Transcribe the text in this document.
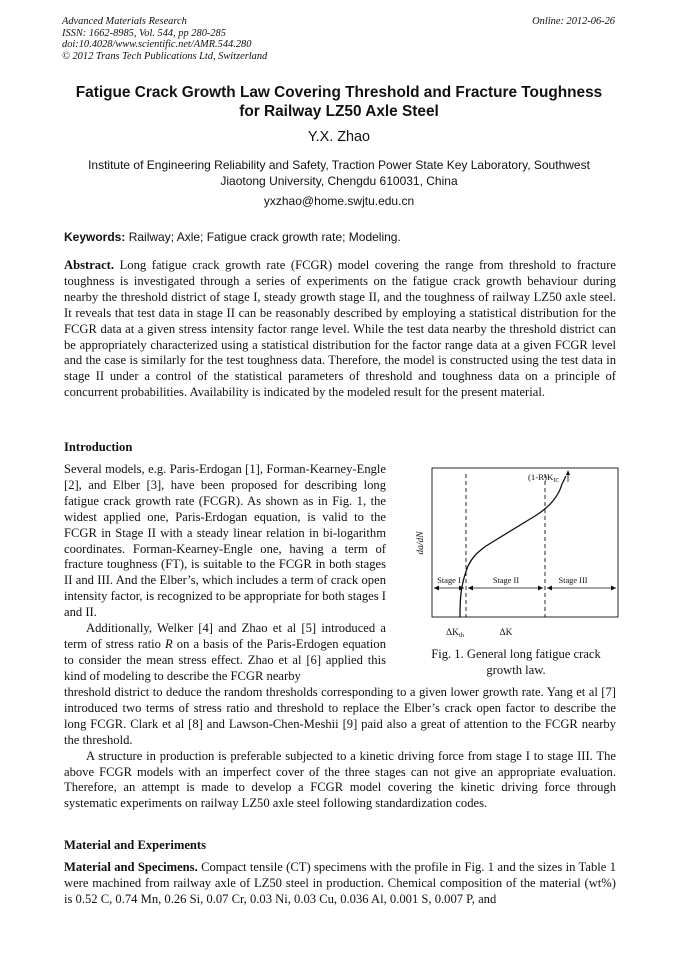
Advanced Materials Research
ISSN: 1662-8985, Vol. 544, pp 280-285
doi:10.4028/www.scientific.net/AMR.544.280
© 2012 Trans Tech Publications Ltd, Switzerland
Online: 2012-06-26
Fatigue Crack Growth Law Covering Threshold and Fracture Toughness
for Railway LZ50 Axle Steel
Y.X. Zhao
Institute of Engineering Reliability and Safety, Traction Power State Key Laboratory, Southwest
Jiaotong University, Chengdu 610031, China
yxzhao@home.swjtu.edu.cn
Keywords: Railway; Axle; Fatigue crack growth rate; Modeling.

Abstract. Long fatigue crack growth rate (FCGR) model covering the range from threshold to fracture toughness is investigated through a series of experiments on the fatigue crack growth behaviour during nearby the threshold district of stage I, steady growth stage II, and the toughness of railway LZ50 axle steel. It reveals that test data in stage II can be reasonably described by employing a statistical distribution for the FCGR data at a given stress intensity factor range level. While the test data nearby the threshold district can be appropriately characterized using a statistical distribution for the factor range data at a given FCGR level and the case is similarly for the test toughness data. Therefore, the model is constructed using the test data in stage II under a control of the statistical parameters of threshold and toughness data on a principle of concurrent probabilities. Availability is indicated by the modeled result for the present material.

Introduction

Several models, e.g. Paris-Erdogan [1], Forman-Kearney-Engle [2], and Elber [3], have been proposed for describing long fatigue crack growth rate (FCGR). As shown as in Fig. 1, the widest applied one, Paris-Erdogan equation, is valid to the FCGR in Stage II with a steady linear relation in bi-logarithm coordinates. Forman-Kearney-Engle one, having a term of fracture toughness (FT), is suitable to the FCGR in both stages II and III. And the Elber’s, which includes a term of crack open intensity factor, is recognized to be appropriate for both stages I and II.

Additionally, Welker [4] and Zhao et al [5] introduced a term of stress ratio R on a basis of the Paris-Erdogen equation to consider the mean stress effect. Zhao et al [6] applied this kind of modeling to describe the FCGR nearby

threshold district to deduce the random thresholds corresponding to a given lower growth rate. Yang et al [7] introduced two terms of stress ratio and threshold to replace the Elber’s crack open factor to describe the long FCGR. Clark et al [8] and Lawson-Chen-Meshii [9] paid also a great of attention to the FCGR nearby the threshold.

A structure in production is preferable subjected to a kinetic driving force from stage I to stage III. The above FCGR models with an imperfect cover of the three stages can not give an appropriate evaluation. Therefore, an attempt is made to develop a FCGR model covering the kinetic driving force through systematic experiments on railway LZ50 axle steel following standardization codes.

Stage I	Stage II	Stage III
da/dN
ΔK
$\Delta K_{th}$
$(1-R)K_{IC}$
Fig. 1. General long fatigue crack
growth law.
Material and Experiments

Material and Specimens. Compact tensile (CT) specimens with the profile in Fig. 1 and the sizes in Table 1 were machined from railway axle of LZ50 steel in production. Chemical composition of the material (wt%) is 0.52 C, 0.74 Mn, 0.26 Si, 0.07 Cr, 0.03 Ni, 0.03 Cu, 0.036 Al, 0.001 S, 0.007 P, and
